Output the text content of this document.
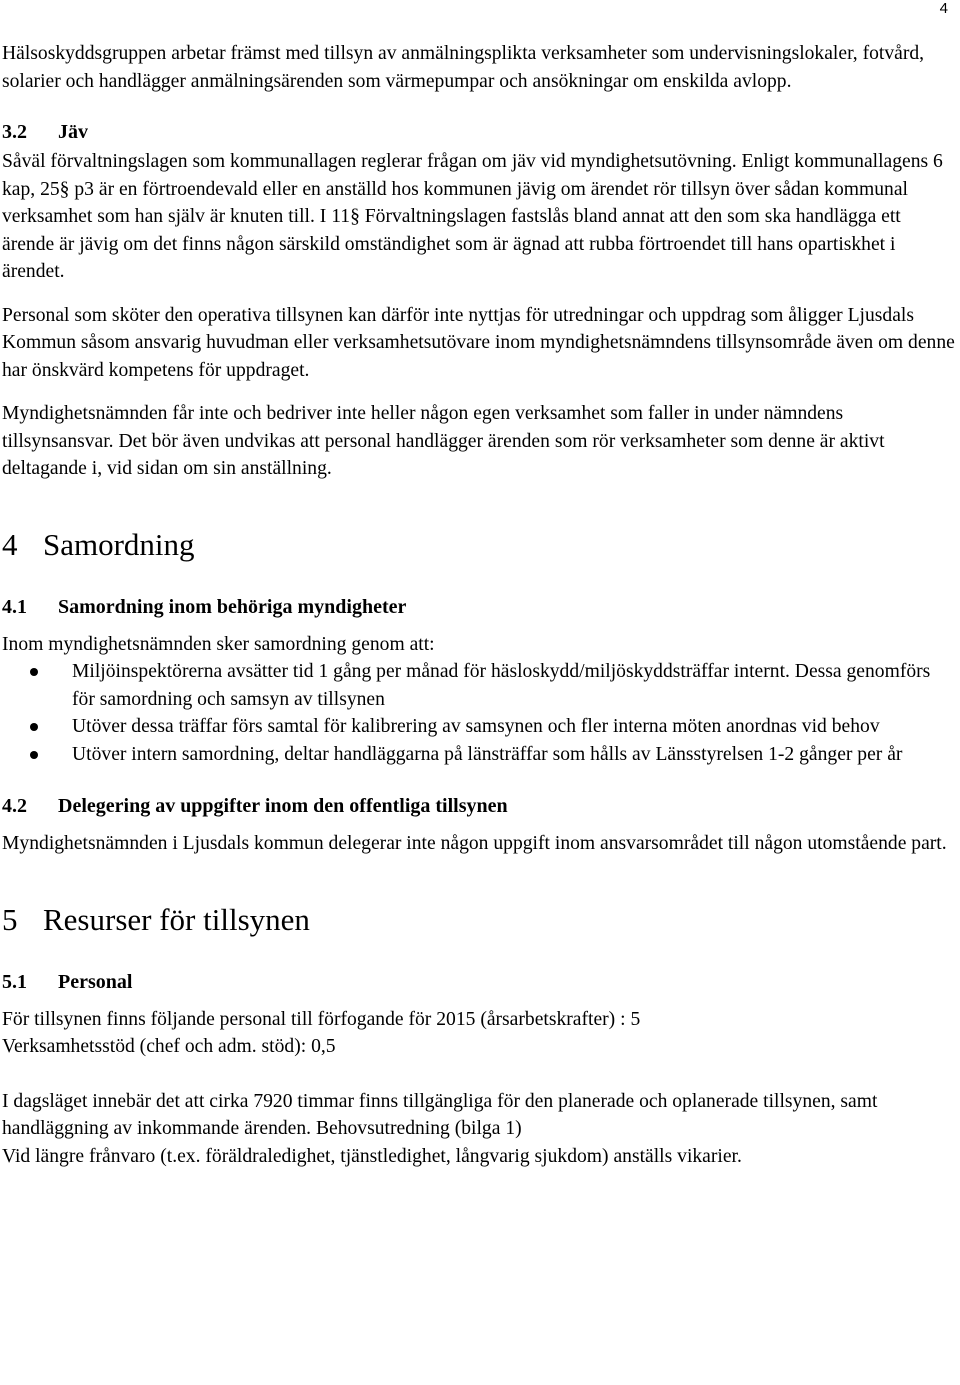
4

Hälsoskyddsgruppen arbetar främst med tillsyn av anmälningspliktа verksamheter som undervisningslokaler, fotvård, solarier och handlägger anmälningsärenden som värmepumpar och ansökningar om enskilda avlopp.

3.2 Jäv

Såväl förvaltningslagen som kommunallagen reglerar frågan om jäv vid myndighetsutövning. Enligt kommunallagens 6 kap, 25§ p3 är en förtroendevald eller en anställd hos kommunen jävig om ärendet rör tillsyn över sådan kommunal verksamhet som han själv är knuten till. I 11§ Förvaltningslagen fastslås bland annat att den som ska handlägga ett ärende är jävig om det finns någon särskild omständighet som är ägnad att rubba förtroendet till hans opartiskhet i ärendet.

Personal som sköter den operativa tillsynen kan därför inte nyttjas för utredningar och uppdrag som åligger Ljusdals Kommun såsom ansvarig huvudman eller verksamhetsutövare inom myndighetsnämndens tillsynsområde även om denne har önskvärd kompetens för uppdraget.

Myndighetsnämnden får inte och bedriver inte heller någon egen verksamhet som faller in under nämndens tillsynsansvar. Det bör även undvikas att personal handlägger ärenden som rör verksamheter som denne är aktivt deltagande i, vid sidan om sin anställning.

4 Samordning
4.1 Samordning inom behöriga myndigheter

Inom myndighetsnämnden sker samordning genom att:

Miljöinspektörerna avsätter tid 1 gång per månad för häsloskydd/miljöskyddsträffar internt. Dessa genomförs för samordning och samsyn av tillsynen
Utöver dessa träffar förs samtal för kalibrering av samsynen och fler interna möten anordnas vid behov
Utöver intern samordning, deltar handläggarna på länsträffar som hålls av Länsstyrelsen 1-2 gånger per år
4.2 Delegering av uppgifter inom den offentliga tillsynen

Myndighetsnämnden i Ljusdals kommun delegerar inte någon uppgift inom ansvarsområdet till någon utomstående part.

5 Resurser för tillsynen
5.1 Personal

För tillsynen finns följande personal till förfogande för 2015 (årsarbetskrafter) : 5

Verksamhetsstöd (chef och adm. stöd): 0,5

I dagsläget innebär det att cirka 7920 timmar finns tillgängliga för den planerade och oplanerade tillsynen, samt handläggning av inkommande ärenden. Behovsutredning (bilga 1)

Vid längre frånvaro (t.ex. föräldraledighet, tjänstledighet, långvarig sjukdom) anställs vikarier.
